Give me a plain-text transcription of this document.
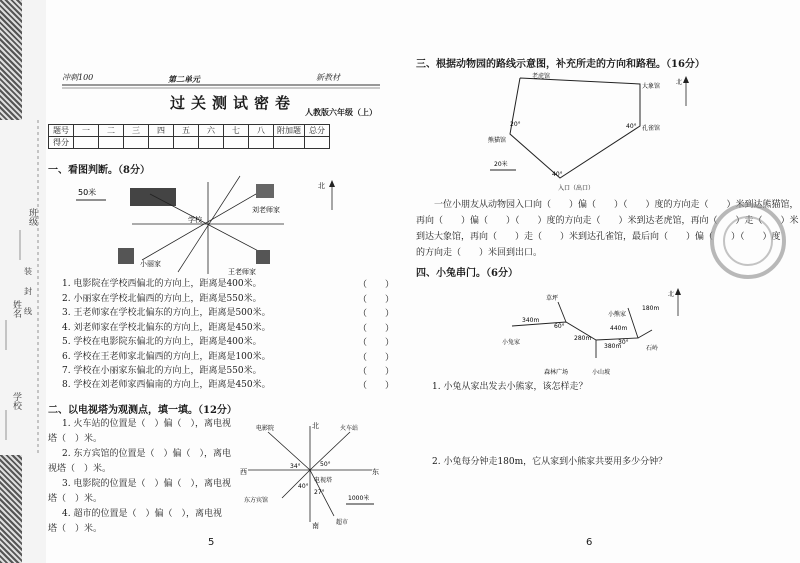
班级
姓名
学校
装
封
线
冲刺100	第二单元	新教材
过关测试密卷 人教版六年级（上）
题号	一	二	三	四	五	六	七	八	附加题	总分
得分										
一、看图判断。（8分）
50米
学校
刘老师家
小丽家
王老师家
北
1. 电影院在学校西偏北的方向上，距离是400米。
2. 小丽家在学校北偏西的方向上，距离是550米。
3. 王老师家在学校北偏东的方向上，距离是500米。
4. 刘老师家在学校北偏东的方向上，距离是450米。
5. 学校在电影院东偏北的方向上，距离是400米。
6. 学校在王老师家北偏西的方向上，距离是100米。
7. 学校在小丽家东偏北的方向上，距离是550米。
8. 学校在刘老师家西偏南的方向上，距离是450米。
（　　）
（　　）
（　　）
（　　）
（　　）
（　　）
（　　）
（　　）
二、以电视塔为观测点，填一填。（12分）
1. 火车站的位置是（　）偏（　），离电视
塔（　）米。
2. 东方宾馆的位置是（　）偏（　），离电
视塔（　）米。
3. 电影院的位置是（　）偏（　），离电视
塔（　）米。
4. 超市的位置是（　）偏（　），离电视
塔（　）米。
北
南
东
西
电视塔
电影院	火车站
东方宾馆
超市
34°	50°
40°
27°
1000米
5
三、根据动物园的路线示意图，补充所走的方向和路程。（16分）
老虎馆
大象馆
孔雀馆
熊猫馆
入口（出口）
20°	40°
40°
20米
北
　　一位小朋友从动物园入口向（　　）偏（　　）（　　）度的方向走（　　）米到达熊猫馆，
再向（　　）偏（　　）（　　）度的方向走（　　）米到达老虎馆，再向（　　）走（　　）米
到达大象馆，再向（　　）走（　　）米到达孔雀馆，最后向（　　）偏（　　）（　　）度
的方向走（　　）米回到出口。
四、小兔串门。（6分）
草坪
小熊家
小兔家
森林广场	小山坡
石岭
340m
280m
380m
440m
180m
60°
30°
北
1. 小兔从家出发去小熊家，该怎样走？
2. 小兔每分钟走180m，它从家到小熊家共要用多少分钟？
6
